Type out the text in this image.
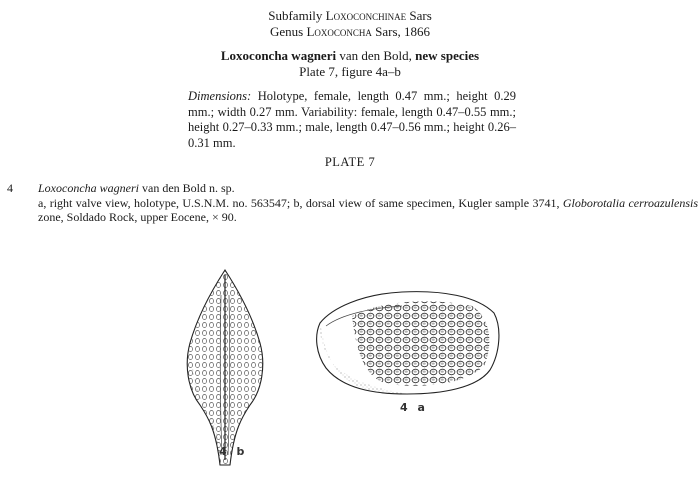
Subfamily Loxoconchinae Sars
Genus Loxoconcha Sars, 1866
Loxoconcha wagneri van den Bold, new species
Plate 7, figure 4a–b
Dimensions: Holotype, female, length 0.47 mm.; height 0.29 mm.; width 0.27 mm. Variability: female, length 0.47–0.55 mm.; height 0.27–0.33 mm.; male, length 0.47–0.56 mm.; height 0.26–0.31 mm.
PLATE 7
4 Loxoconcha wagneri van den Bold n. sp.
a, right valve view, holotype, U.S.N.M. no. 563547; b, dorsal view of same specimen, Kugler sample 3741, Globorotalia cerroazulensis zone, Soldado Rock, upper Eocene, × 90.
4 a
4 b
